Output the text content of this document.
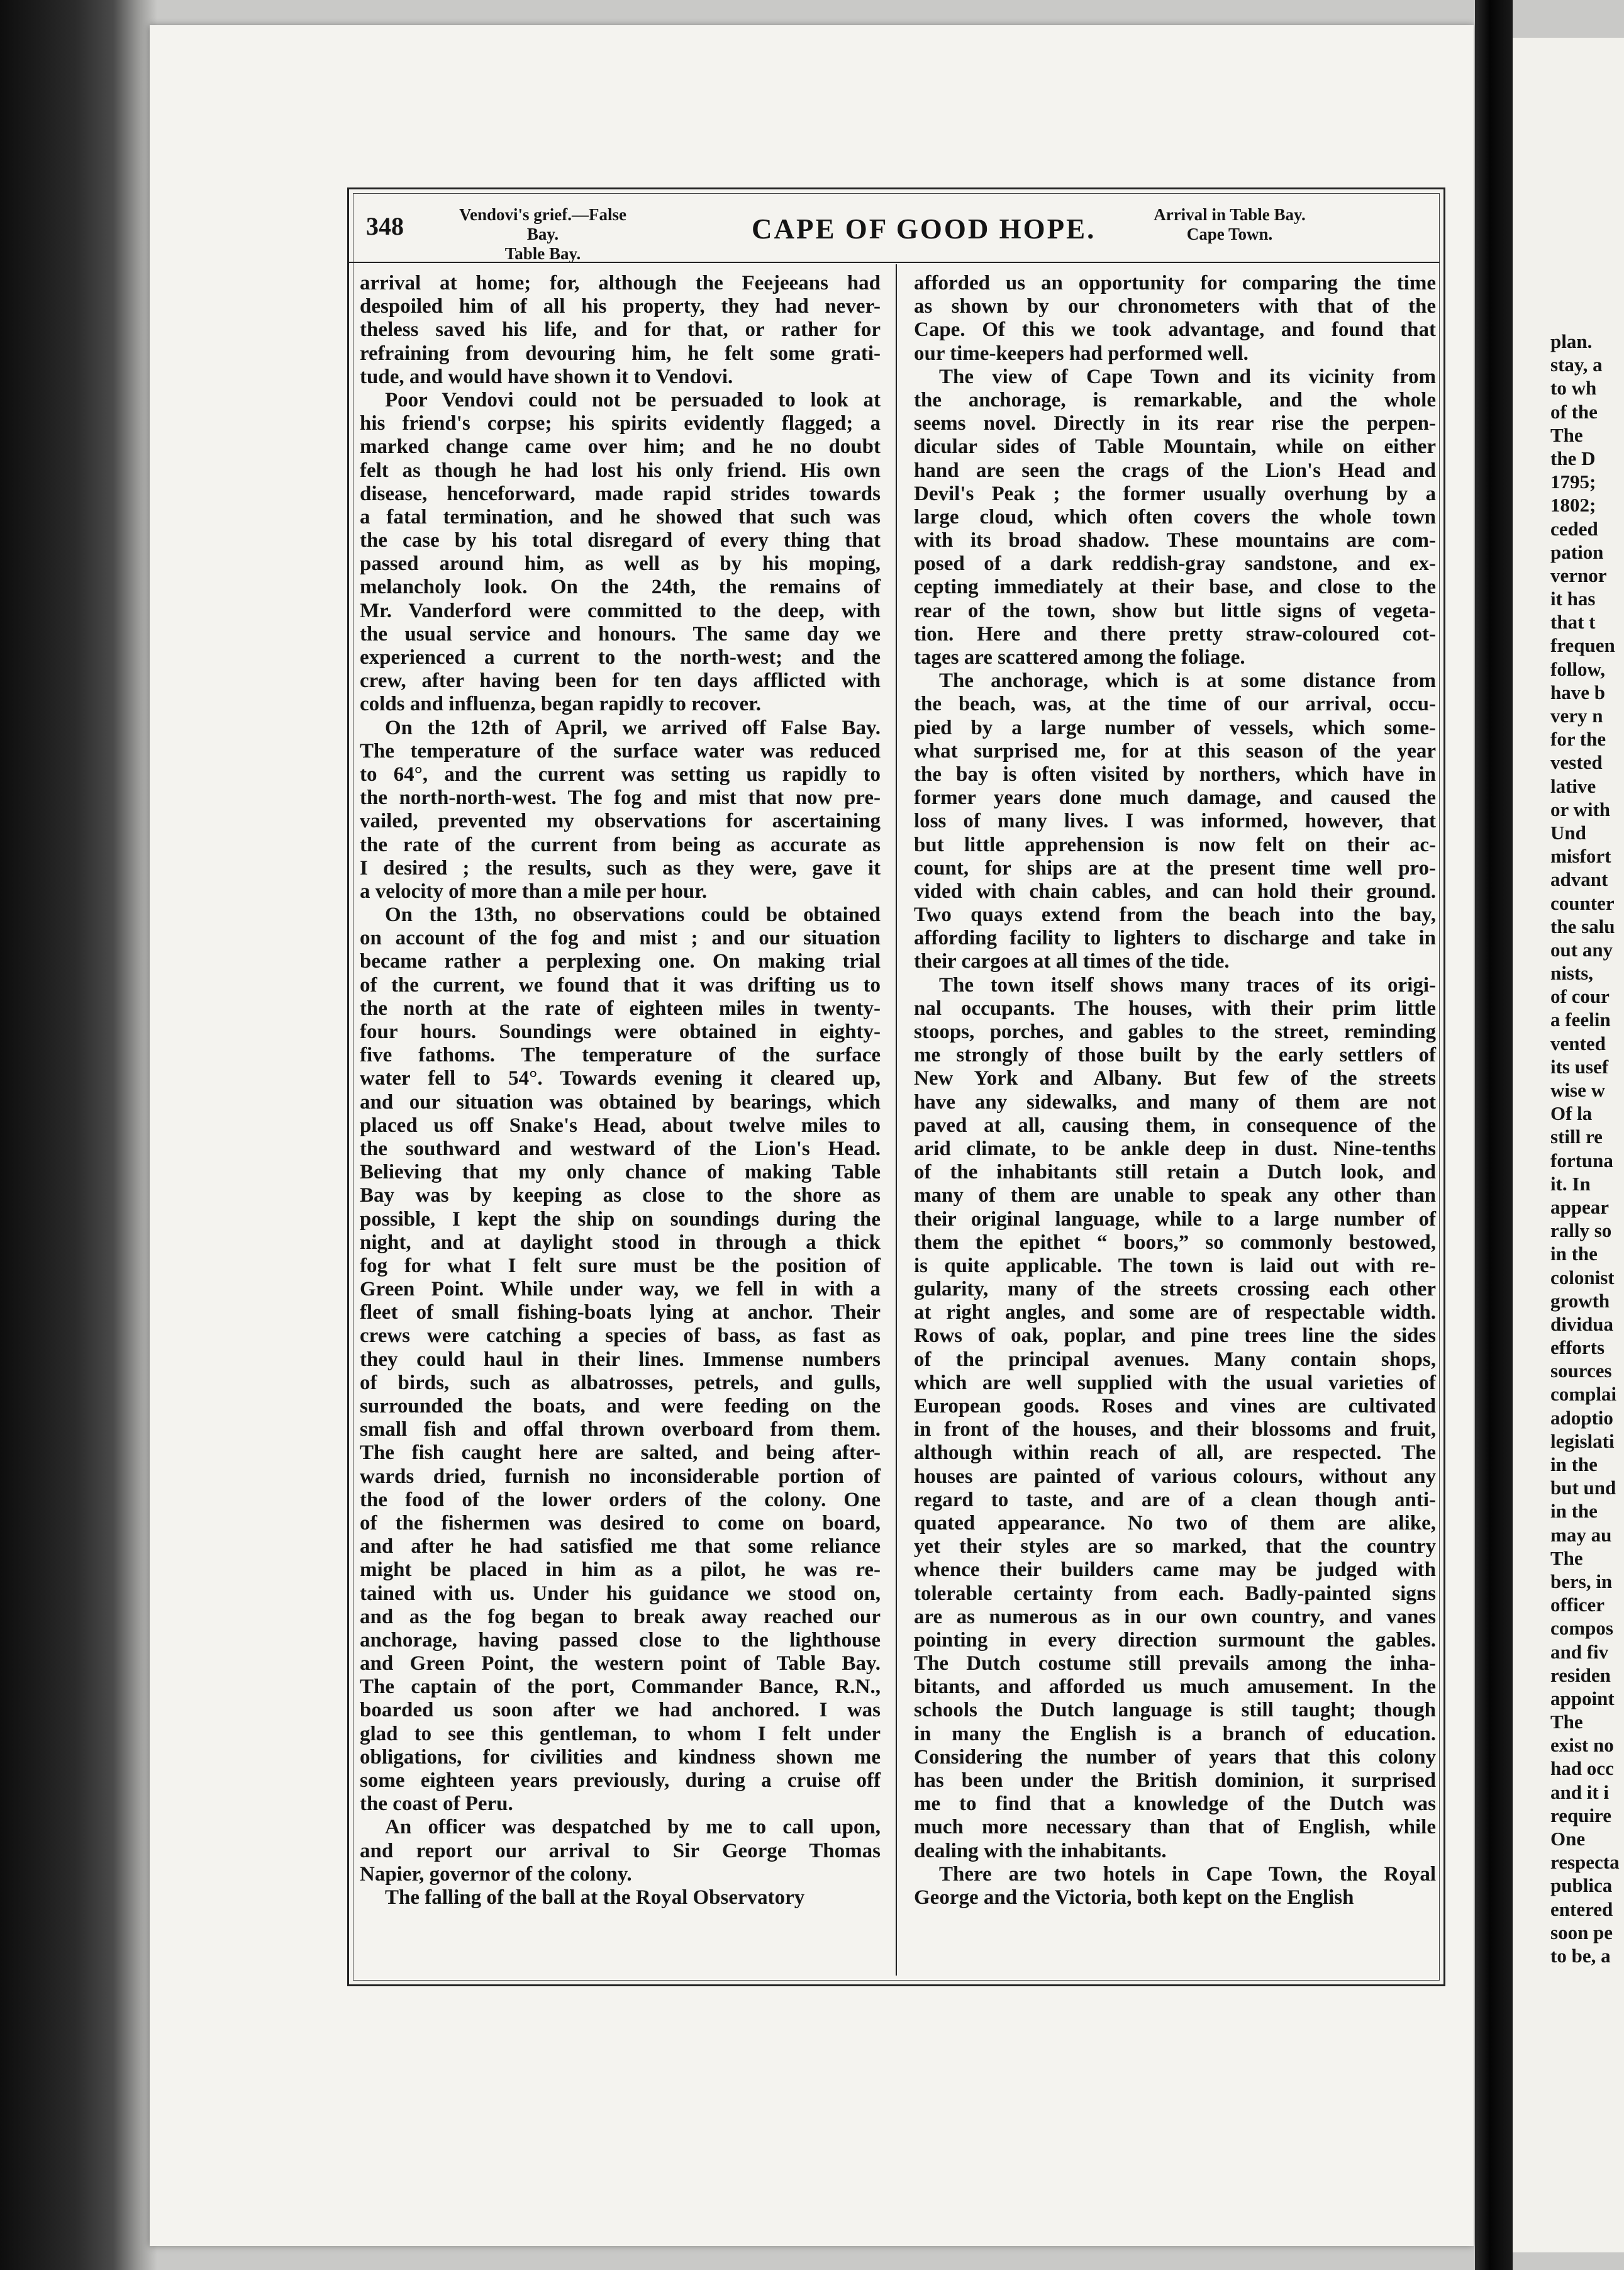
plan.
stay, a
to wh
of the
The
the D
1795;
1802;
ceded
pation
vernor
it has
that t
frequen
follow,
have b
very n
for the
vested
lative
or with
Und
misfort
advant
counter
the salu
out any
nists,
of cour
a feelin
vented
its usef
wise w
Of la
still re
fortuna
it. In
appear
rally so
in the
colonist
growth
dividua
efforts
sources
complai
adoptio
legislati
in the
but und
in the
may au
The
bers, in
officer
compos
and fiv
residen
appoint
The
exist no
had occ
and it i
require
One
respecta
publica
entered
soon pe
to be, a
348	Vendovi's grief.—False Bay.
Table Bay.
CAPE OF GOOD HOPE.	Arrival in Table Bay.
Cape Town.
arrival at home; for, although the Feejeeans had
despoiled him of all his property, they had never-
theless saved his life, and for that, or rather for
refraining from devouring him, he felt some grati-
tude, and would have shown it to Vendovi.
Poor Vendovi could not be persuaded to look at
his friend's corpse; his spirits evidently flagged; a
marked change came over him; and he no doubt
felt as though he had lost his only friend. His own
disease, henceforward, made rapid strides towards
a fatal termination, and he showed that such was
the case by his total disregard of every thing that
passed around him, as well as by his moping,
melancholy look. On the 24th, the remains of
Mr. Vanderford were committed to the deep, with
the usual service and honours. The same day we
experienced a current to the north-west; and the
crew, after having been for ten days afflicted with
colds and influenza, began rapidly to recover.
On the 12th of April, we arrived off False Bay.
The temperature of the surface water was reduced
to 64°, and the current was setting us rapidly to
the north-north-west. The fog and mist that now pre-
vailed, prevented my observations for ascertaining
the rate of the current from being as accurate as
I desired ; the results, such as they were, gave it
a velocity of more than a mile per hour.
On the 13th, no observations could be obtained
on account of the fog and mist ; and our situation
became rather a perplexing one. On making trial
of the current, we found that it was drifting us to
the north at the rate of eighteen miles in twenty-
four hours. Soundings were obtained in eighty-
five fathoms. The temperature of the surface
water fell to 54°. Towards evening it cleared up,
and our situation was obtained by bearings, which
placed us off Snake's Head, about twelve miles to
the southward and westward of the Lion's Head.
Believing that my only chance of making Table
Bay was by keeping as close to the shore as
possible, I kept the ship on soundings during the
night, and at daylight stood in through a thick
fog for what I felt sure must be the position of
Green Point. While under way, we fell in with a
fleet of small fishing-boats lying at anchor. Their
crews were catching a species of bass, as fast as
they could haul in their lines. Immense numbers
of birds, such as albatrosses, petrels, and gulls,
surrounded the boats, and were feeding on the
small fish and offal thrown overboard from them.
The fish caught here are salted, and being after-
wards dried, furnish no inconsiderable portion of
the food of the lower orders of the colony. One
of the fishermen was desired to come on board,
and after he had satisfied me that some reliance
might be placed in him as a pilot, he was re-
tained with us. Under his guidance we stood on,
and as the fog began to break away reached our
anchorage, having passed close to the lighthouse
and Green Point, the western point of Table Bay.
The captain of the port, Commander Bance, R.N.,
boarded us soon after we had anchored. I was
glad to see this gentleman, to whom I felt under
obligations, for civilities and kindness shown me
some eighteen years previously, during a cruise off
the coast of Peru.
An officer was despatched by me to call upon,
and report our arrival to Sir George Thomas
Napier, governor of the colony.
The falling of the ball at the Royal Observatory
afforded us an opportunity for comparing the time
as shown by our chronometers with that of the
Cape. Of this we took advantage, and found that
our time-keepers had performed well.
The view of Cape Town and its vicinity from
the anchorage, is remarkable, and the whole
seems novel. Directly in its rear rise the perpen-
dicular sides of Table Mountain, while on either
hand are seen the crags of the Lion's Head and
Devil's Peak ; the former usually overhung by a
large cloud, which often covers the whole town
with its broad shadow. These mountains are com-
posed of a dark reddish-gray sandstone, and ex-
cepting immediately at their base, and close to the
rear of the town, show but little signs of vegeta-
tion. Here and there pretty straw-coloured cot-
tages are scattered among the foliage.
The anchorage, which is at some distance from
the beach, was, at the time of our arrival, occu-
pied by a large number of vessels, which some-
what surprised me, for at this season of the year
the bay is often visited by northers, which have in
former years done much damage, and caused the
loss of many lives. I was informed, however, that
but little apprehension is now felt on their ac-
count, for ships are at the present time well pro-
vided with chain cables, and can hold their ground.
Two quays extend from the beach into the bay,
affording facility to lighters to discharge and take in
their cargoes at all times of the tide.
The town itself shows many traces of its origi-
nal occupants. The houses, with their prim little
stoops, porches, and gables to the street, reminding
me strongly of those built by the early settlers of
New York and Albany. But few of the streets
have any sidewalks, and many of them are not
paved at all, causing them, in consequence of the
arid climate, to be ankle deep in dust. Nine-tenths
of the inhabitants still retain a Dutch look, and
many of them are unable to speak any other than
their original language, while to a large number of
them the epithet “ boors,” so commonly bestowed,
is quite applicable. The town is laid out with re-
gularity, many of the streets crossing each other
at right angles, and some are of respectable width.
Rows of oak, poplar, and pine trees line the sides
of the principal avenues. Many contain shops,
which are well supplied with the usual varieties of
European goods. Roses and vines are cultivated
in front of the houses, and their blossoms and fruit,
although within reach of all, are respected. The
houses are painted of various colours, without any
regard to taste, and are of a clean though anti-
quated appearance. No two of them are alike,
yet their styles are so marked, that the country
whence their builders came may be judged with
tolerable certainty from each. Badly-painted signs
are as numerous as in our own country, and vanes
pointing in every direction surmount the gables.
The Dutch costume still prevails among the inha-
bitants, and afforded us much amusement. In the
schools the Dutch language is still taught; though
in many the English is a branch of education.
Considering the number of years that this colony
has been under the British dominion, it surprised
me to find that a knowledge of the Dutch was
much more necessary than that of English, while
dealing with the inhabitants.
There are two hotels in Cape Town, the Royal
George and the Victoria, both kept on the English
